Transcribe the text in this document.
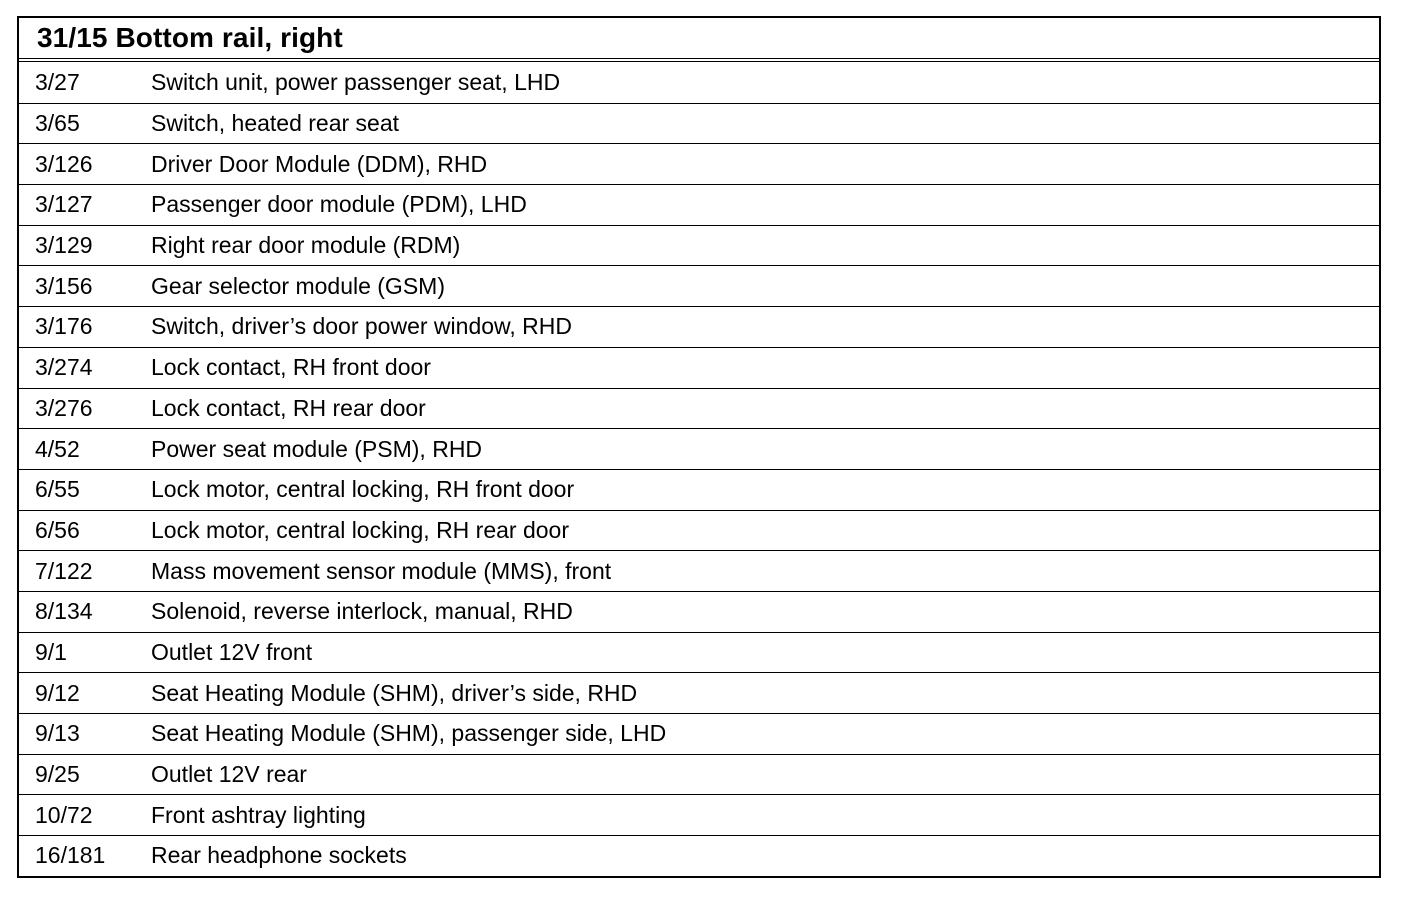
31/15 Bottom rail, right
3/27	Switch unit, power passenger seat, LHD
3/65	Switch, heated rear seat
3/126	Driver Door Module (DDM), RHD
3/127	Passenger door module (PDM), LHD
3/129	Right rear door module (RDM)
3/156	Gear selector module (GSM)
3/176	Switch, driver’s door power window, RHD
3/274	Lock contact, RH front door
3/276	Lock contact, RH rear door
4/52	Power seat module (PSM), RHD
6/55	Lock motor, central locking, RH front door
6/56	Lock motor, central locking, RH rear door
7/122	Mass movement sensor module (MMS), front
8/134	Solenoid, reverse interlock, manual, RHD
9/1	Outlet 12V front
9/12	Seat Heating Module (SHM), driver’s side, RHD
9/13	Seat Heating Module (SHM), passenger side, LHD
9/25	Outlet 12V rear
10/72	Front ashtray lighting
16/181	Rear headphone sockets
